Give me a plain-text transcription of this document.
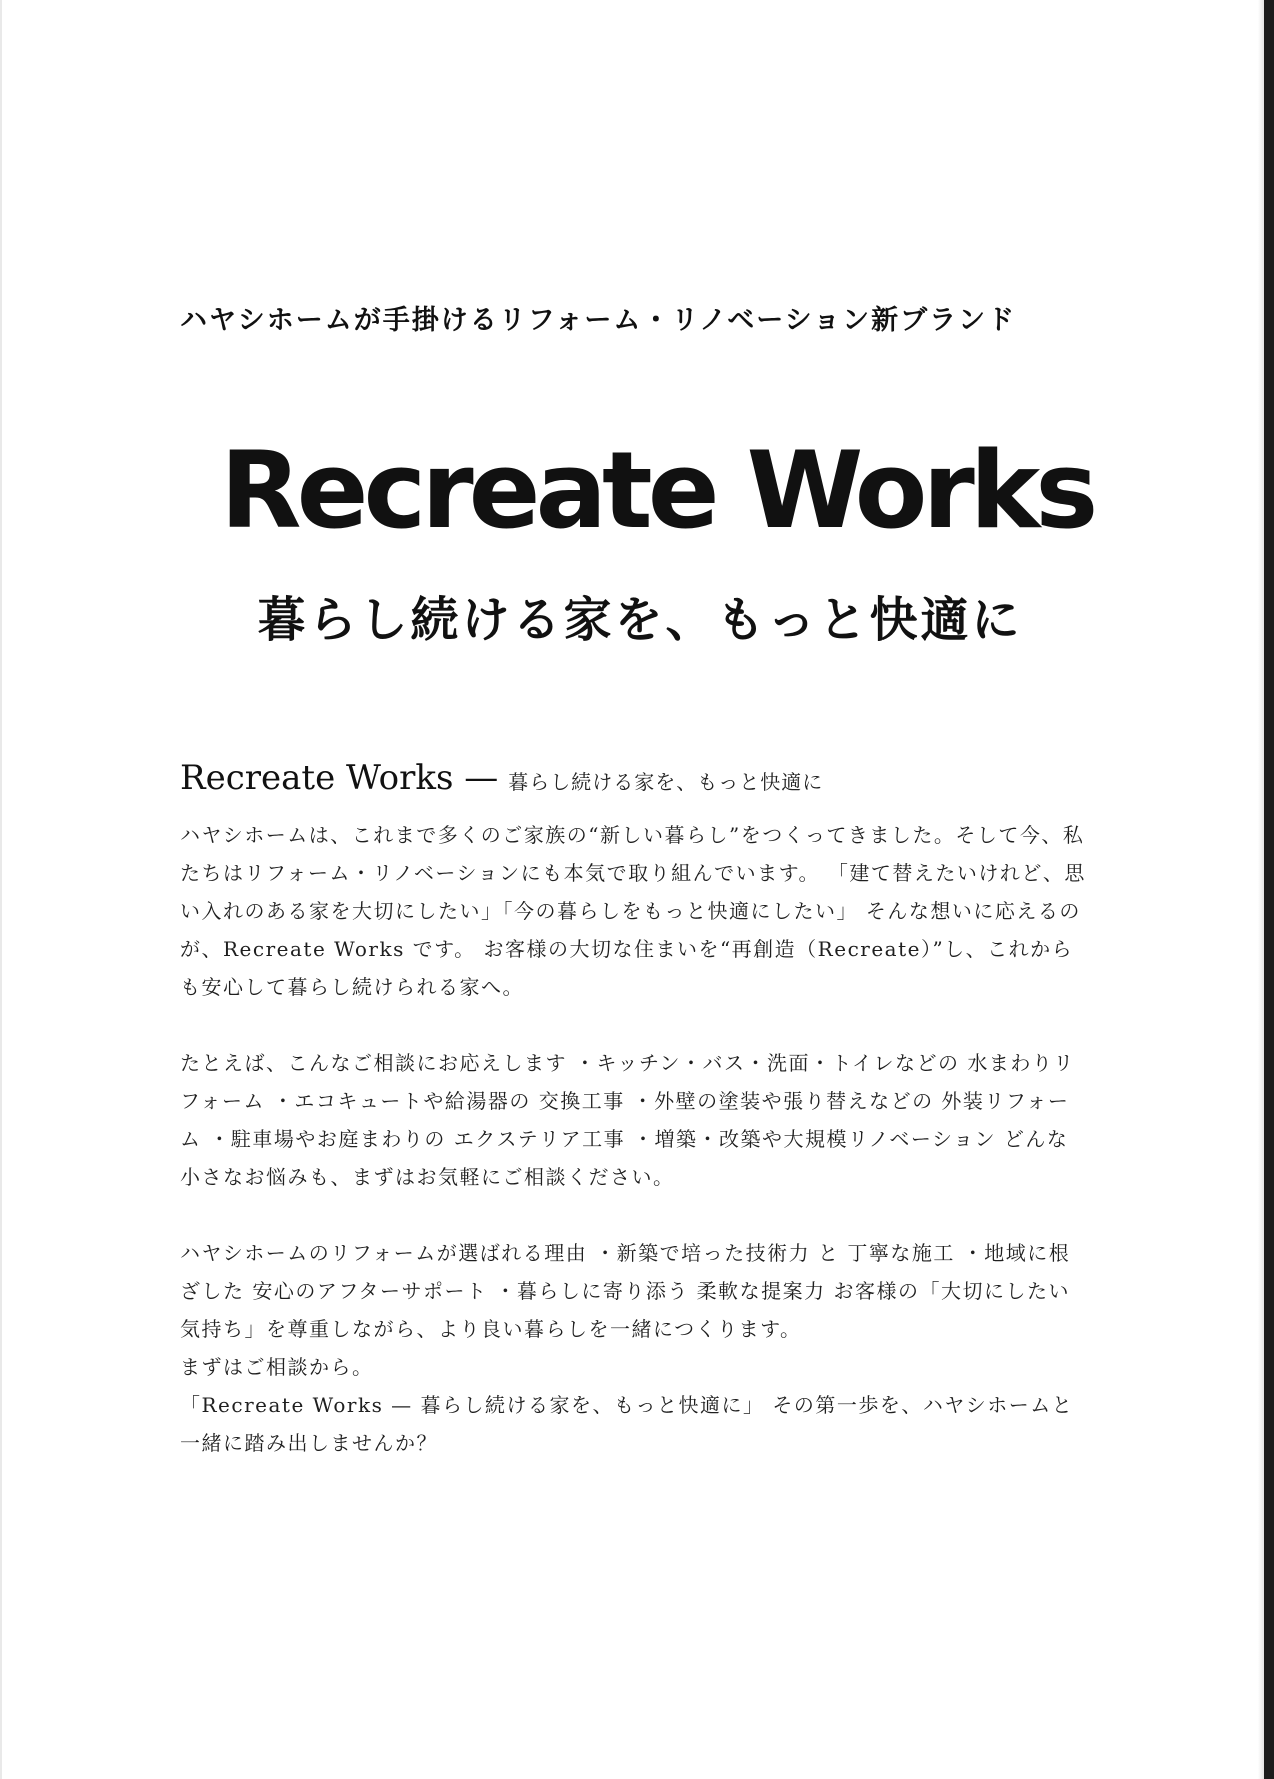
ハヤシホームが手掛けるリフォーム・リノベーション新ブランド
Recreate Works
暮らし続ける家を、もっと快適に
Recreate Works — 暮らし続ける家を、もっと快適に

ハヤシホームは、これまで多くのご家族の“新しい暮らし”をつくってきました。そして今、私たちはリフォーム・リノベーションにも本気で取り組んでいます。 「建て替えたいけれど、思い入れのある家を大切にしたい」「今の暮らしをもっと快適にしたい」 そんな想いに応えるのが、Recreate Works です。 お客様の大切な住まいを“再創造（Recreate）”し、これからも安心して暮らし続けられる家へ。

たとえば、こんなご相談にお応えします ・キッチン・バス・洗面・トイレなどの 水まわりリフォーム ・エコキュートや給湯器の 交換工事 ・外壁の塗装や張り替えなどの 外装リフォーム ・駐車場やお庭まわりの エクステリア工事 ・増築・改築や大規模リノベーション どんな小さなお悩みも、まずはお気軽にご相談ください。

ハヤシホームのリフォームが選ばれる理由 ・新築で培った技術力 と 丁寧な施工 ・地域に根ざした 安心のアフターサポート ・暮らしに寄り添う 柔軟な提案力 お客様の「大切にしたい気持ち」を尊重しながら、より良い暮らしを一緒につくります。

まずはご相談から。

「Recreate Works — 暮らし続ける家を、もっと快適に」 その第一歩を、ハヤシホームと一緒に踏み出しませんか？
